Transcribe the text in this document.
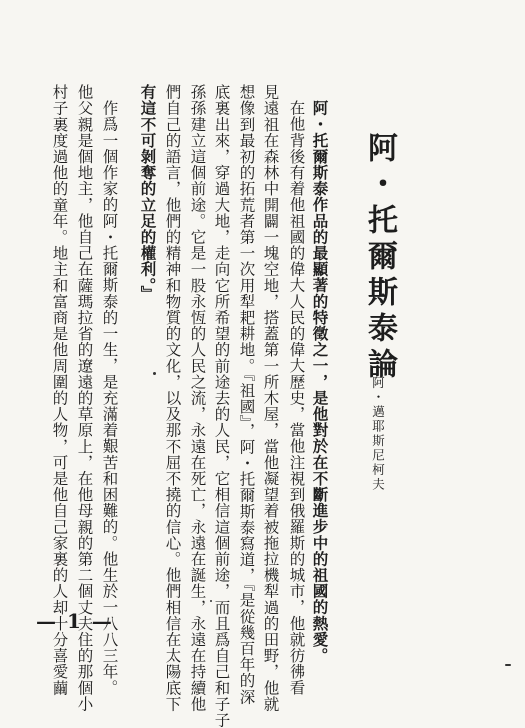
阿・托爾斯泰論
阿・邁耶斯尼柯夫
阿・托爾斯泰作品的最顯著的特徵之一，是他對於在不斷進步中的祖國的熱愛。
在他背後有着他祖國的偉大人民的偉大歷史，當他注視到俄羅斯的城市，他就彷彿看
見遠祖在森林中開闢一塊空地，搭蓋第一所木屋，當他凝望着被拖拉機犁過的田野，他就
想像到最初的拓荒者第一次用犁耙耕地。『祖國』，阿・托爾斯泰寫道，『是從幾百年的深
底裏出來，穿過大地，走向它所希望的前途去的人民，它相信這個前途，而且爲自己和子子
孫孫建立這個前途。它是一股永恆的人民之流，永遠在死亡，永遠在誕生，永遠在持續他
們自己的語言，他們的精神和物質的文化，以及那不屈不撓的信心。他們相信在太陽底下
有這不可剝奪的立足的權利。』
作爲一個作家的阿・托爾斯泰的一生，是充滿着艱苦和困難的。他生於一八八三年。
他父親是個地主，他自己在薩瑪拉省的遼遠的草原上，在他母親的第二個丈夫住的那個小
村子裏度過他的童年。地主和富商是他周圍的人物，可是他自己家裏的人却十分喜愛繭
— 1 —
